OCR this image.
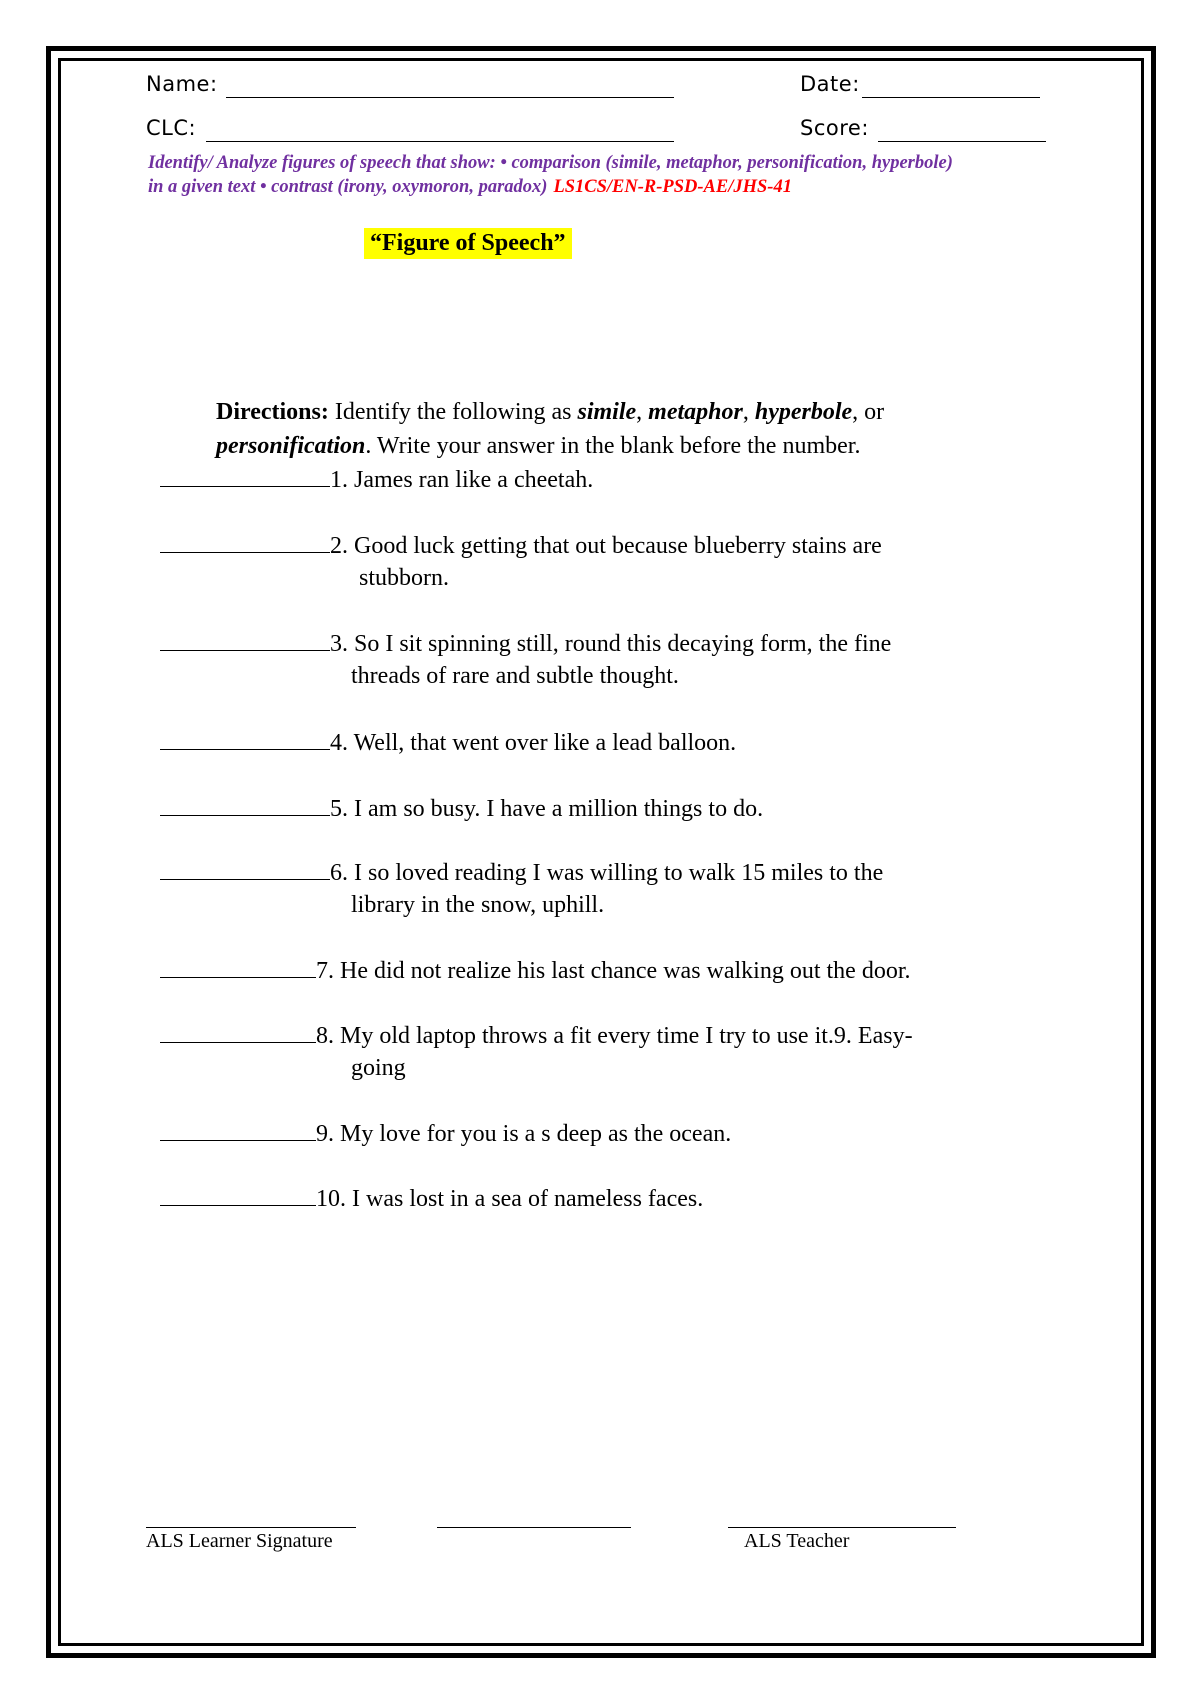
Name:	Date:
CLC:	Score:
Identify/ Analyze figures of speech that show: • comparison (simile, metaphor, personification, hyperbole) in a given text • contrast (irony, oxymoron, paradox) LS1CS/EN-R-PSD-AE/JHS-41
“Figure of Speech”
Directions: Identify the following as simile, metaphor, hyperbole, or personification. Write your answer in the blank before the number.
1. James ran like a cheetah.
2. Good luck getting that out because blueberry stains are
stubborn.
3. So I sit spinning still, round this decaying form, the fine
threads of rare and subtle thought.
4. Well, that went over like a lead balloon.
5. I am so busy. I have a million things to do.
6. I so loved reading I was willing to walk 15 miles to the
library in the snow, uphill.
7. He did not realize his last chance was walking out the door.
8. My old laptop throws a fit every time I try to use it.9. Easy-
going
9. My love for you is a s deep as the ocean.
10. I was lost in a sea of nameless faces.
ALS Learner Signature	ALS Teacher
